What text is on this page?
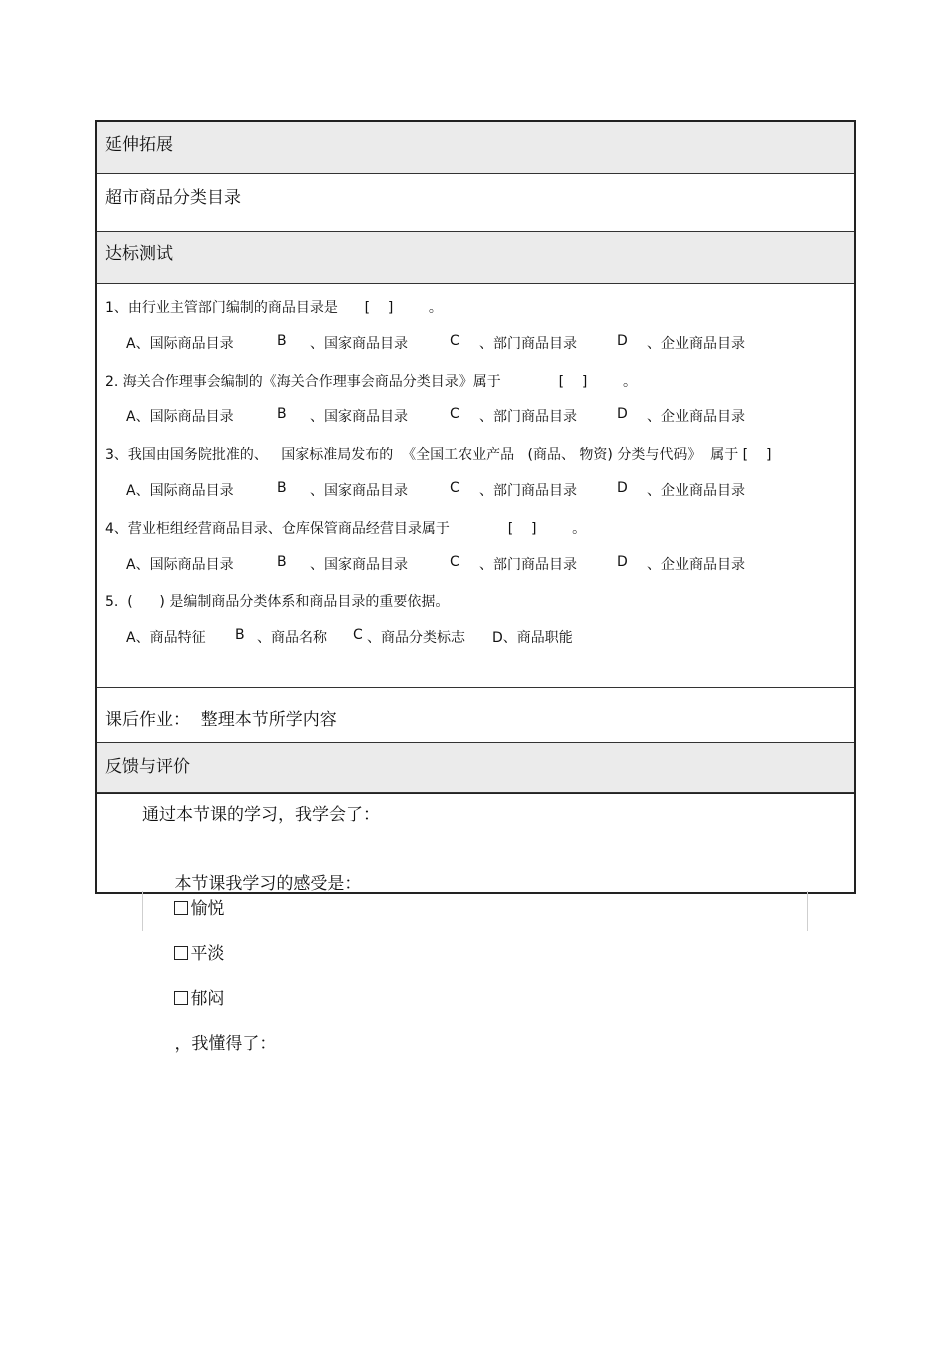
延伸拓展
超市商品分类目录
达标测试
1、由行业主管部门编制的商品目录是      [    ]        。
A、国际商品目录	B 、国家商品目录	C 、部门商品目录	D 、企业商品目录
2. 海关合作理事会编制的《海关合作理事会商品分类目录》属于             [    ]        。
A、国际商品目录	B 、国家商品目录	C 、部门商品目录	D 、企业商品目录
3、我国由国务院批准的、   国家标准局发布的  《全国工农业产品   (商品、 物资) 分类与代码》  属于 [    ]
A、国际商品目录	B 、国家商品目录	C 、部门商品目录	D 、企业商品目录
4、营业柜组经营商品目录、仓库保管商品经营目录属于             [    ]        。
A、国际商品目录	B 、国家商品目录	C 、部门商品目录	D 、企业商品目录
5.  (      ) 是编制商品分类体系和商品目录的重要依据。
A、商品特征 B 、商品名称 C 、商品分类标志 D、商品职能
课后作业：  整理本节所学内容
反馈与评价
通过本节课的学习，我学会了：

本节课我学习的感受是：
愉悦

平淡

郁闷

，我懂得了：
